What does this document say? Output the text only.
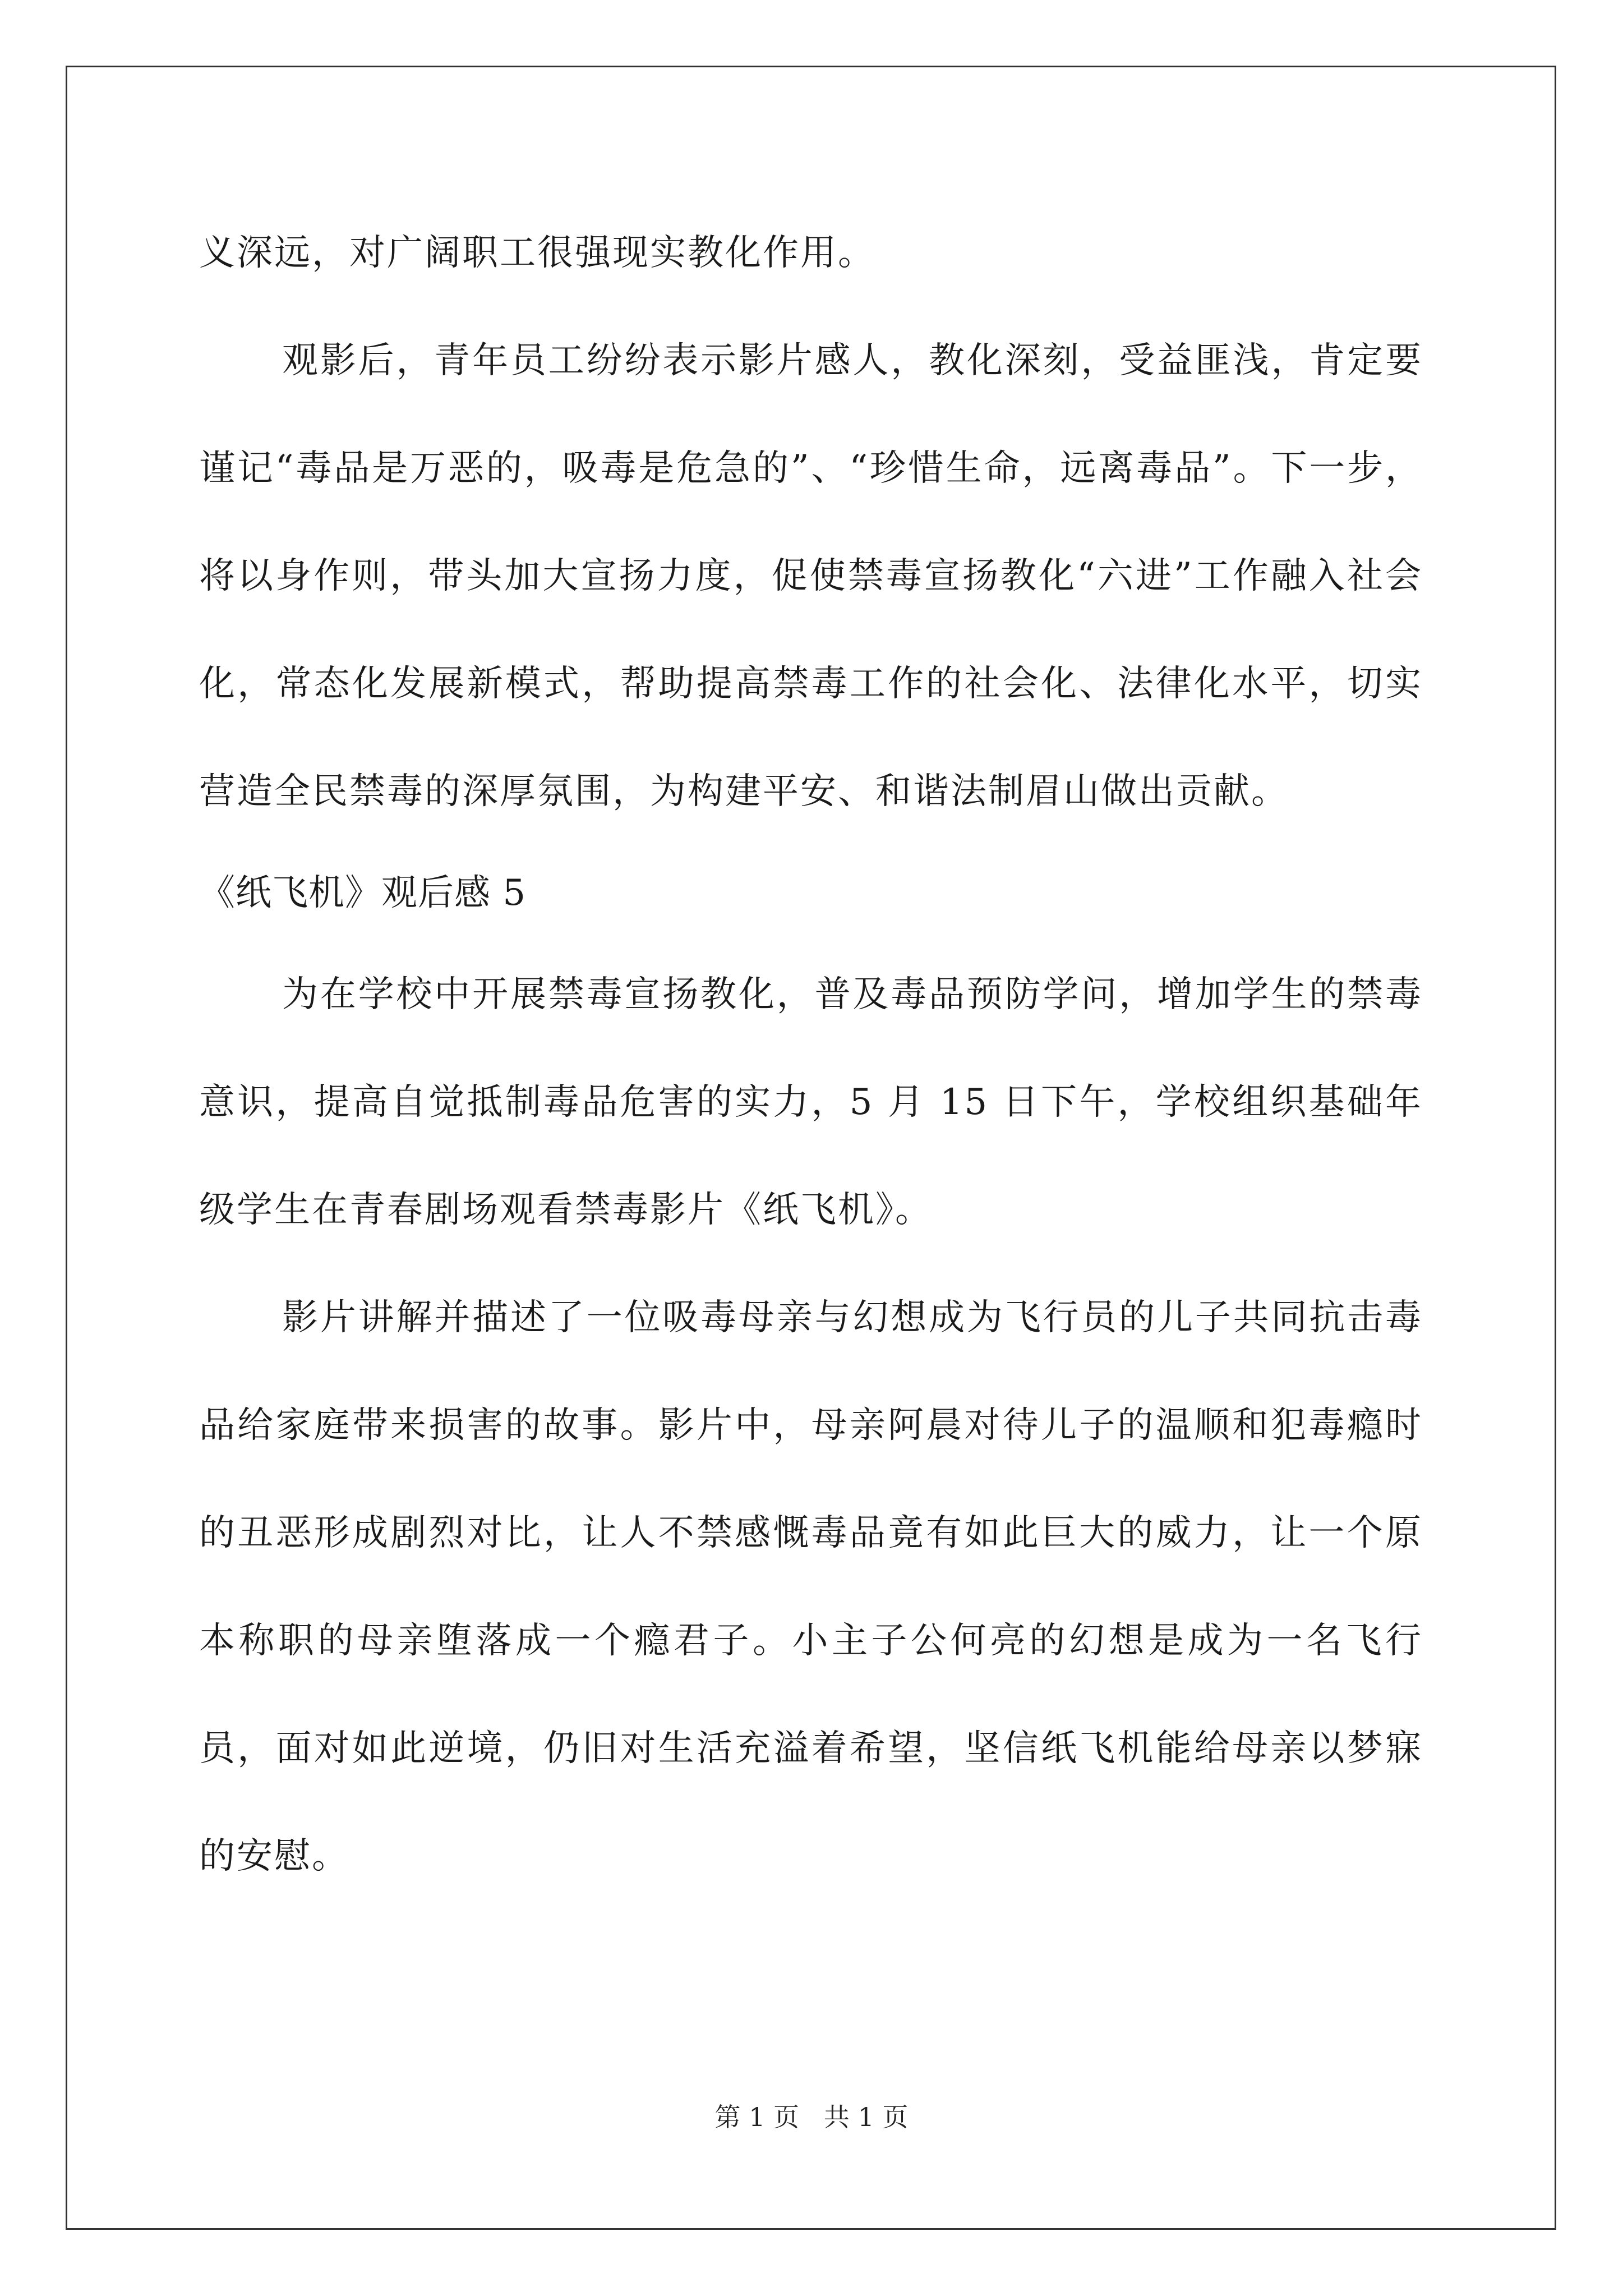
义深远，对广阔职工很强现实教化作用。

观影后，青年员工纷纷表示影片感人，教化深刻，受益匪浅，肯定要谨记“毒品是万恶的，吸毒是危急的”、“珍惜生命，远离毒品”。下一步，将以身作则，带头加大宣扬力度，促使禁毒宣扬教化“六进”工作融入社会化，常态化发展新模式，帮助提高禁毒工作的社会化、法律化水平，切实营造全民禁毒的深厚氛围，为构建平安、和谐法制眉山做出贡献。

《纸飞机》观后感 5

为在学校中开展禁毒宣扬教化，普及毒品预防学问，增加学生的禁毒意识，提高自觉抵制毒品危害的实力，5 月 15 日下午，学校组织基础年级学生在青春剧场观看禁毒影片《纸飞机》。

影片讲解并描述了一位吸毒母亲与幻想成为飞行员的儿子共同抗击毒品给家庭带来损害的故事。影片中，母亲阿晨对待儿子的温顺和犯毒瘾时的丑恶形成剧烈对比，让人不禁感慨毒品竟有如此巨大的威力，让一个原本称职的母亲堕落成一个瘾君子。小主子公何亮的幻想是成为一名飞行员，面对如此逆境，仍旧对生活充溢着希望，坚信纸飞机能给母亲以梦寐的安慰。

第 1 页   共 1 页
